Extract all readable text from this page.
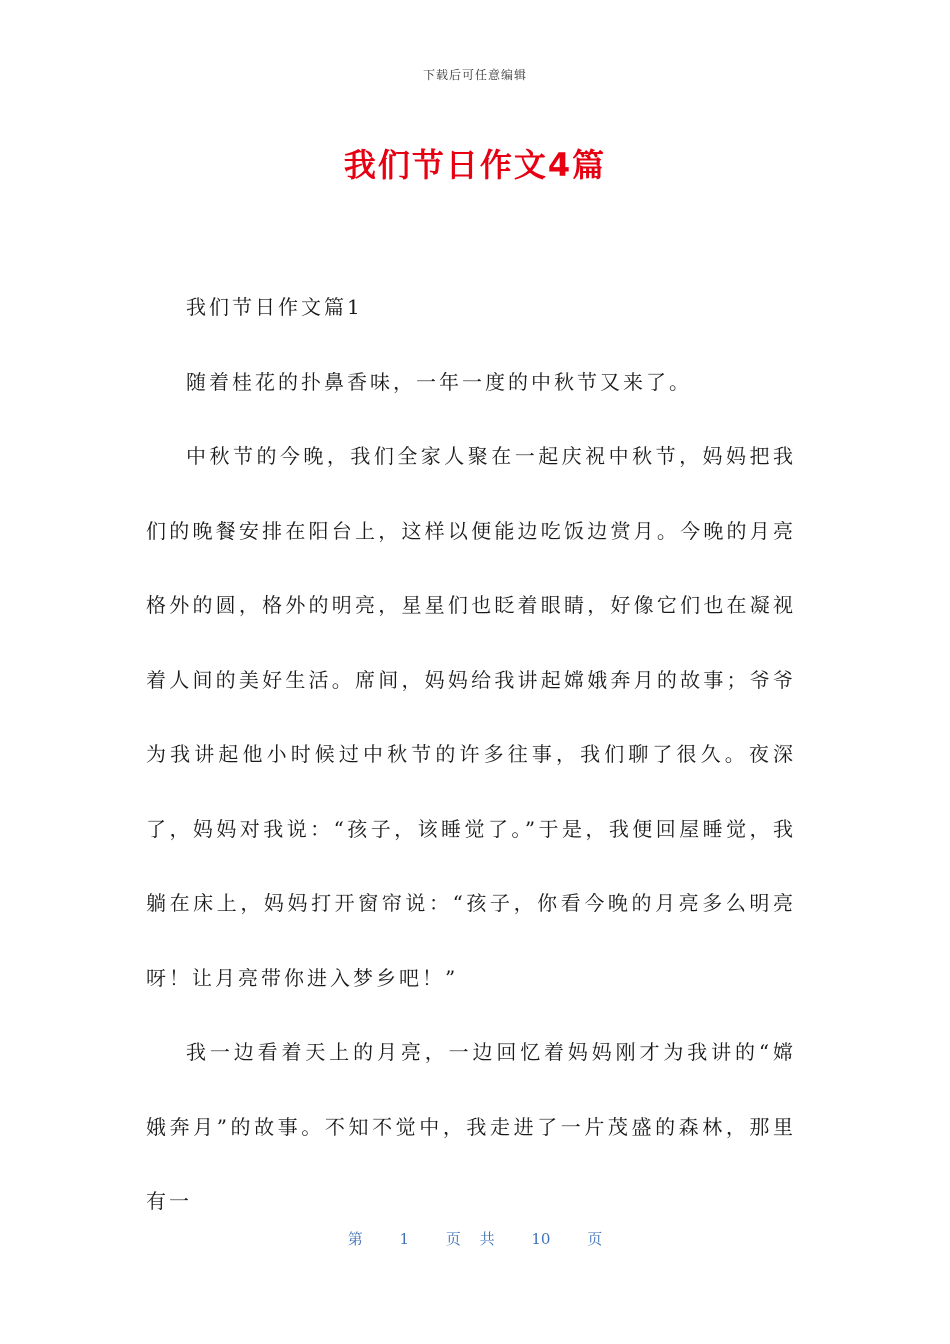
下载后可任意编辑
我们节日作文4篇

我们节日作文篇1

随着桂花的扑鼻香味，一年一度的中秋节又来了。

中秋节的今晚，我们全家人聚在一起庆祝中秋节，妈妈把我们的晚餐安排在阳台上，这样以便能边吃饭边赏月。今晚的月亮格外的圆，格外的明亮，星星们也眨着眼睛，好像它们也在凝视着人间的美好生活。席间，妈妈给我讲起嫦娥奔月的故事；爷爷为我讲起他小时候过中秋节的许多往事，我们聊了很久。夜深了，妈妈对我说：“孩子，该睡觉了。”于是，我便回屋睡觉，我躺在床上，妈妈打开窗帘说：“孩子，你看今晚的月亮多么明亮呀！让月亮带你进入梦乡吧！”

我一边看着天上的月亮，一边回忆着妈妈刚才为我讲的“嫦娥奔月”的故事。不知不觉中，我走进了一片茂盛的森林，那里有一

第 1 页 共 10 页
